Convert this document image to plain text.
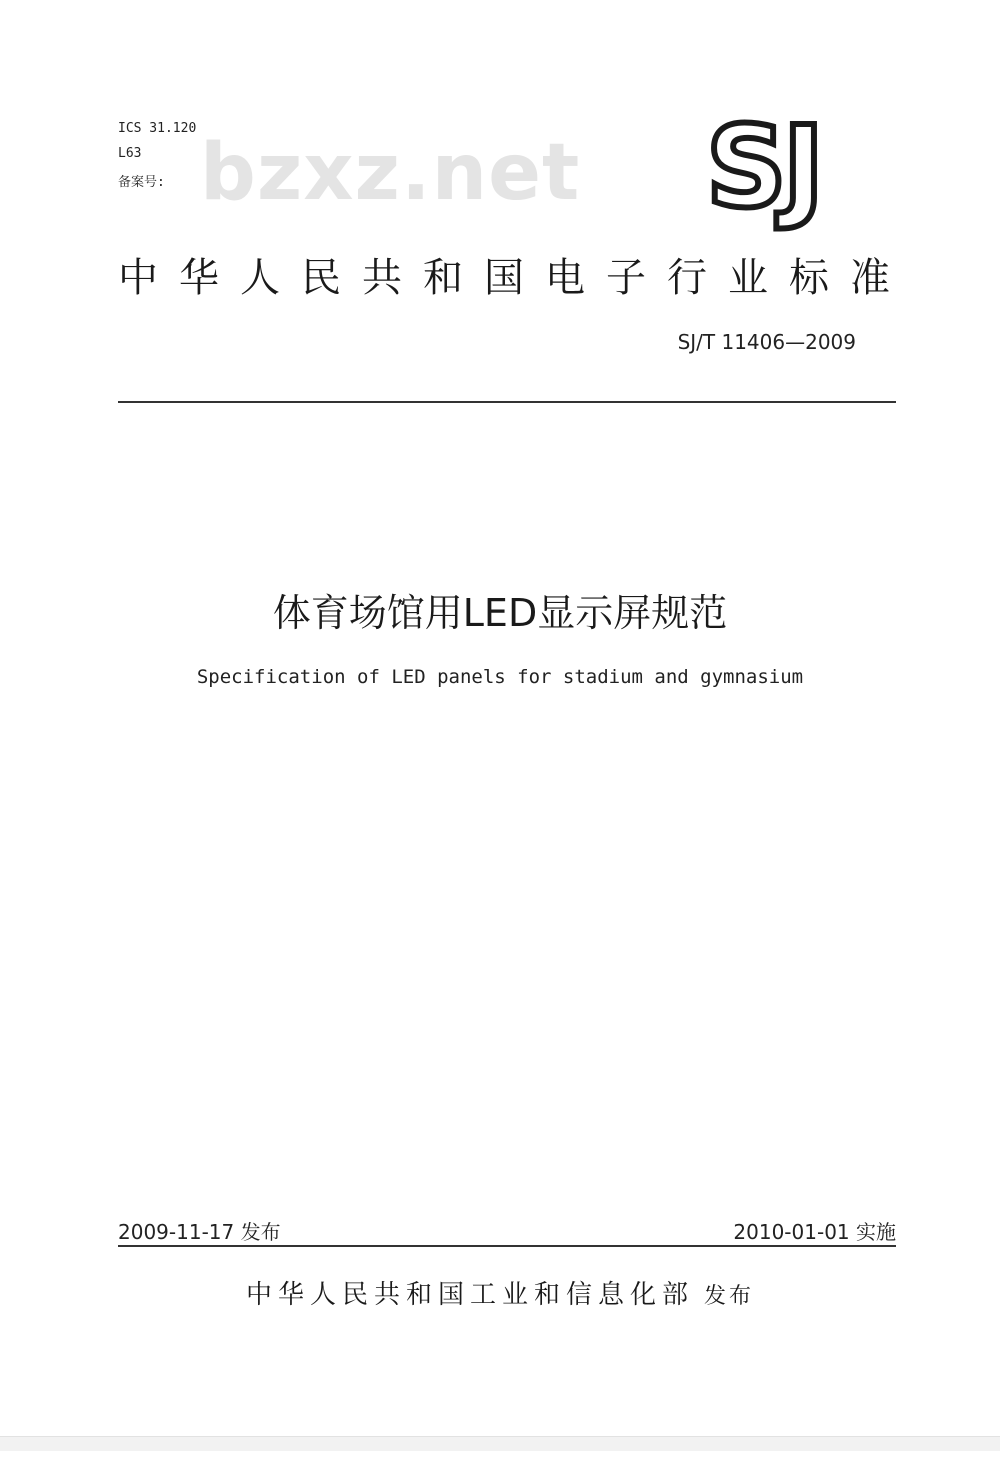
ICS 31.120
L63
备案号: bzxz.net SJ
中华人民共和国电子行业标准
SJ/T 11406—2009
体育场馆用LED显示屏规范
Specification of LED panels for stadium and gymnasium
2009-11-17 发布	2010-01-01 实施
中华人民共和国工业和信息化部 发布
